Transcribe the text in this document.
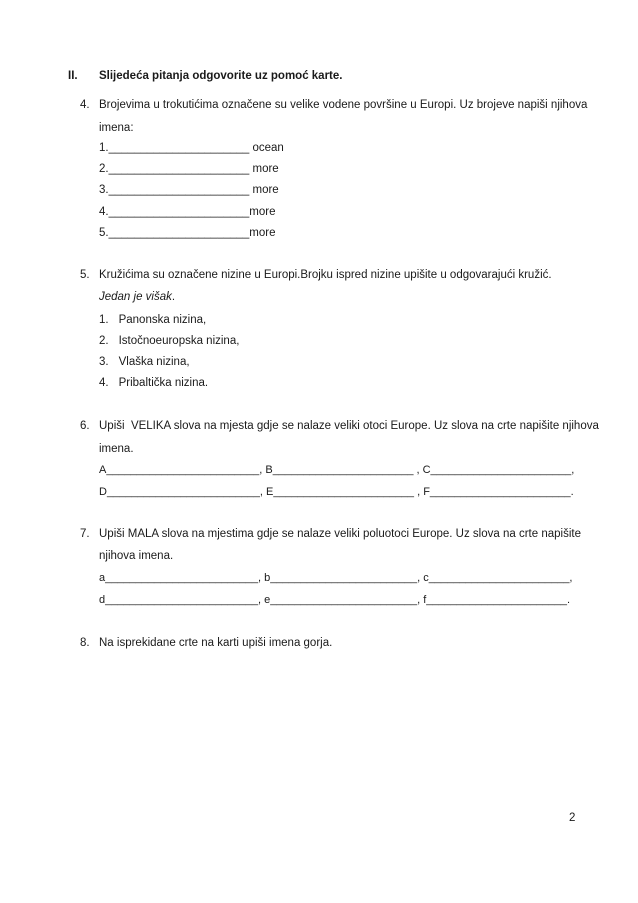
II. Slijedeća pitanja odgovorite uz pomoć karte.
4. Brojevima u trokutićima označene su velike vodene površine u Europi. Uz brojeve napiši njihova
imena:
1.______________________ ocean
2.______________________ more
3.______________________ more
4.______________________more
5.______________________more
5. Kružićima su označene nizine u Europi.Brojku ispred nizine upišite u odgovarajući kružić.
Jedan je višak.
1. Panonska nizina,
2. Istočnoeuropska nizina,
3. Vlaška nizina,
4. Pribaltička nizina.
6. Upiši  VELIKA slova na mjesta gdje se nalaze veliki otoci Europe. Uz slova na crte napišite njihova
imena.
A_________________________, B_______________________ , C_______________________,
D_________________________, E_______________________ , F_______________________.
7. Upiši MALA slova na mjestima gdje se nalaze veliki poluotoci Europe. Uz slova na crte napišite
njihova imena.
a_________________________, b________________________, c_______________________,
d_________________________, e________________________, f_______________________.
8. Na isprekidane crte na karti upiši imena gorja.
2
